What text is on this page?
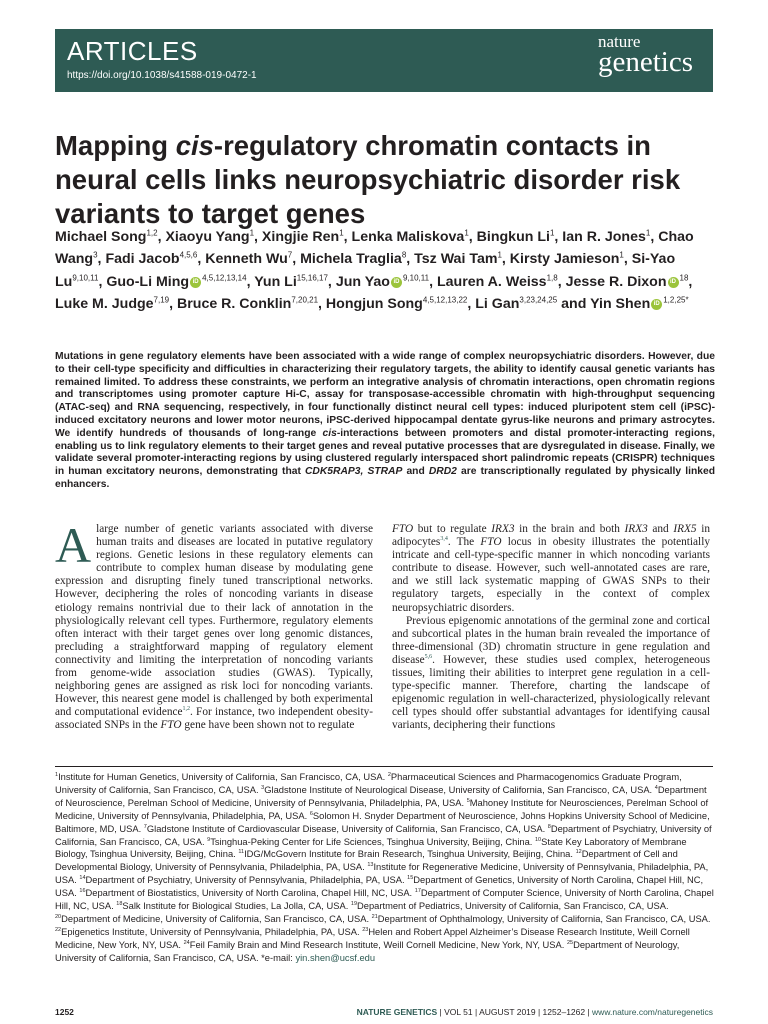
ARTICLES
https://doi.org/10.1038/s41588-019-0472-1
nature
genetics
Mapping cis-regulatory chromatin contacts in neural cells links neuropsychiatric disorder risk variants to target genes
Michael Song$^{1,2}$, Xiaoyu Yang$^1$, Xingjie Ren$^1$, Lenka Maliskova$^1$, Bingkun Li$^1$, Ian R. Jones$^1$, Chao Wang$^3$, Fadi Jacob$^{4,5,6}$, Kenneth Wu$^7$, Michela Traglia$^8$, Tsz Wai Tam$^1$, Kirsty Jamieson$^1$, Si-Yao Lu$^{9,10,11}$, Guo-Li Ming iD $^{4,5,12,13,14}$, Yun Li$^{15,16,17}$, Jun Yao iD $^{9,10,11}$, Lauren A. Weiss$^{1,8}$, Jesse R. Dixon iD $^{18}$, Luke M. Judge$^{7,19}$, Bruce R. Conklin$^{7,20,21}$, Hongjun Song$^{4,5,12,13,22}$, Li Gan$^{3,23,24,25}$ and Yin Shen iD $^{1,2,25*}$
Mutations in gene regulatory elements have been associated with a wide range of complex neuropsychiatric disorders. However, due to their cell-type specificity and difficulties in characterizing their regulatory targets, the ability to identify causal genetic variants has remained limited. To address these constraints, we perform an integrative analysis of chromatin interactions, open chromatin regions and transcriptomes using promoter capture Hi-C, assay for transposase-accessible chromatin with high-throughput sequencing (ATAC-seq) and RNA sequencing, respectively, in four functionally distinct neural cell types: induced pluripotent stem cell (iPSC)-induced excitatory neurons and lower motor neurons, iPSC-derived hippocampal dentate gyrus-like neurons and primary astrocytes. We identify hundreds of thousands of long-range cis-interactions between promoters and distal promoter-interacting regions, enabling us to link regulatory elements to their target genes and reveal putative processes that are dysregulated in disease. Finally, we validate several promoter-interacting regions by using clustered regularly interspaced short palindromic repeats (CRISPR) techniques in human excitatory neurons, demonstrating that CDK5RAP3, STRAP and DRD2 are transcriptionally regulated by physically linked enhancers.
A large number of genetic variants associated with diverse human traits and diseases are located in putative regulatory regions. Genetic lesions in these regulatory elements can contribute to complex human disease by modulating gene expression and disrupting finely tuned transcriptional networks. However, deciphering the roles of noncoding variants in disease etiology remains nontrivial due to their lack of annotation in the physiologically relevant cell types. Furthermore, regulatory elements often interact with their target genes over long genomic distances, precluding a straightforward mapping of regulatory element connectivity and limiting the interpretation of noncoding variants from genome-wide association studies (GWAS). Typically, neighboring genes are assigned as risk loci for noncoding variants. However, this nearest gene model is challenged by both experimental and computational evidence$^{1,2}$. For instance, two independent obesity-associated SNPs in the FTO gene have been shown not to regulate
FTO but to regulate IRX3 in the brain and both IRX3 and IRX5 in adipocytes$^{3,4}$. The FTO locus in obesity illustrates the potentially intricate and cell-type-specific manner in which noncoding variants contribute to disease. However, such well-annotated cases are rare, and we still lack systematic mapping of GWAS SNPs to their regulatory targets, especially in the context of complex neuropsychiatric disorders.
Previous epigenomic annotations of the germinal zone and cortical and subcortical plates in the human brain revealed the importance of three-dimensional (3D) chromatin structure in gene regulation and disease$^{5,6}$. However, these studies used complex, heterogeneous tissues, limiting their abilities to interpret gene regulation in a cell-type-specific manner. Therefore, charting the landscape of epigenomic regulation in well-characterized, physiologically relevant cell types should offer substantial advantages for identifying causal variants, deciphering their functions
$^1$Institute for Human Genetics, University of California, San Francisco, CA, USA. $^2$Pharmaceutical Sciences and Pharmacogenomics Graduate Program, University of California, San Francisco, CA, USA. $^3$Gladstone Institute of Neurological Disease, University of California, San Francisco, CA, USA. $^4$Department of Neuroscience, Perelman School of Medicine, University of Pennsylvania, Philadelphia, PA, USA. $^5$Mahoney Institute for Neurosciences, Perelman School of Medicine, University of Pennsylvania, Philadelphia, PA, USA. $^6$Solomon H. Snyder Department of Neuroscience, Johns Hopkins University School of Medicine, Baltimore, MD, USA. $^7$Gladstone Institute of Cardiovascular Disease, University of California, San Francisco, CA, USA. $^8$Department of Psychiatry, University of California, San Francisco, CA, USA. $^9$Tsinghua-Peking Center for Life Sciences, Tsinghua University, Beijing, China. $^{10}$State Key Laboratory of Membrane Biology, Tsinghua University, Beijing, China. $^{11}$IDG/McGovern Institute for Brain Research, Tsinghua University, Beijing, China. $^{12}$Department of Cell and Developmental Biology, University of Pennsylvania, Philadelphia, PA, USA. $^{13}$Institute for Regenerative Medicine, University of Pennsylvania, Philadelphia, PA, USA. $^{14}$Department of Psychiatry, University of Pennsylvania, Philadelphia, PA, USA. $^{15}$Department of Genetics, University of North Carolina, Chapel Hill, NC, USA. $^{16}$Department of Biostatistics, University of North Carolina, Chapel Hill, NC, USA. $^{17}$Department of Computer Science, University of North Carolina, Chapel Hill, NC, USA. $^{18}$Salk Institute for Biological Studies, La Jolla, CA, USA. $^{19}$Department of Pediatrics, University of California, San Francisco, CA, USA. $^{20}$Department of Medicine, University of California, San Francisco, CA, USA. $^{21}$Department of Ophthalmology, University of California, San Francisco, CA, USA. $^{22}$Epigenetics Institute, University of Pennsylvania, Philadelphia, PA, USA. $^{23}$Helen and Robert Appel Alzheimer’s Disease Research Institute, Weill Cornell Medicine, New York, NY, USA. $^{24}$Feil Family Brain and Mind Research Institute, Weill Cornell Medicine, New York, NY, USA. $^{25}$Department of Neurology, University of California, San Francisco, CA, USA. *e-mail: yin.shen@ucsf.edu
1252	NATURE GENETICS | VOL 51 | AUGUST 2019 | 1252–1262 | www.nature.com/naturegenetics
